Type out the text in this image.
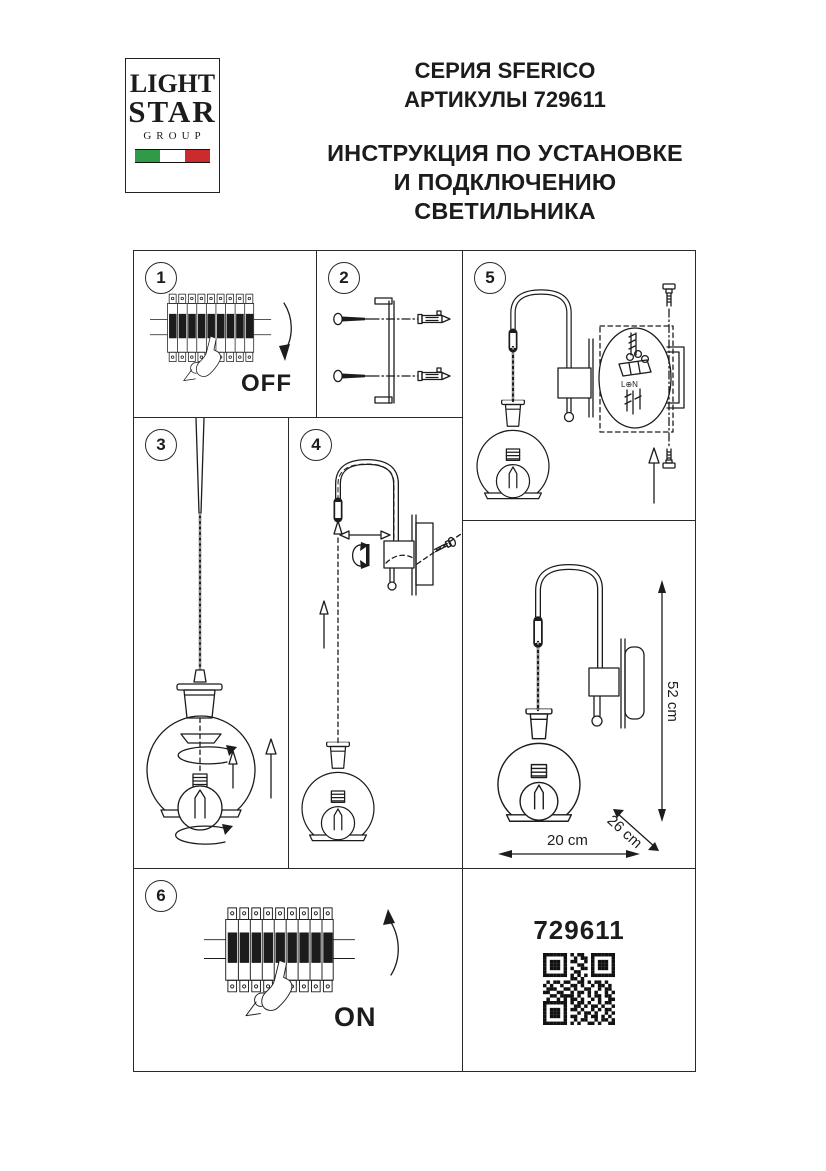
LIGHT
STAR
GROUP
СЕРИЯ SFERICO
АРТИКУЛЫ 729611
ИНСТРУКЦИЯ ПО УСТАНОВКЕ
И ПОДКЛЮЧЕНИЮ СВЕТИЛЬНИКА
1
OFF
2	5
L⊕N
3	4
52 cm
26 cm
20 cm
6
ON
729611
